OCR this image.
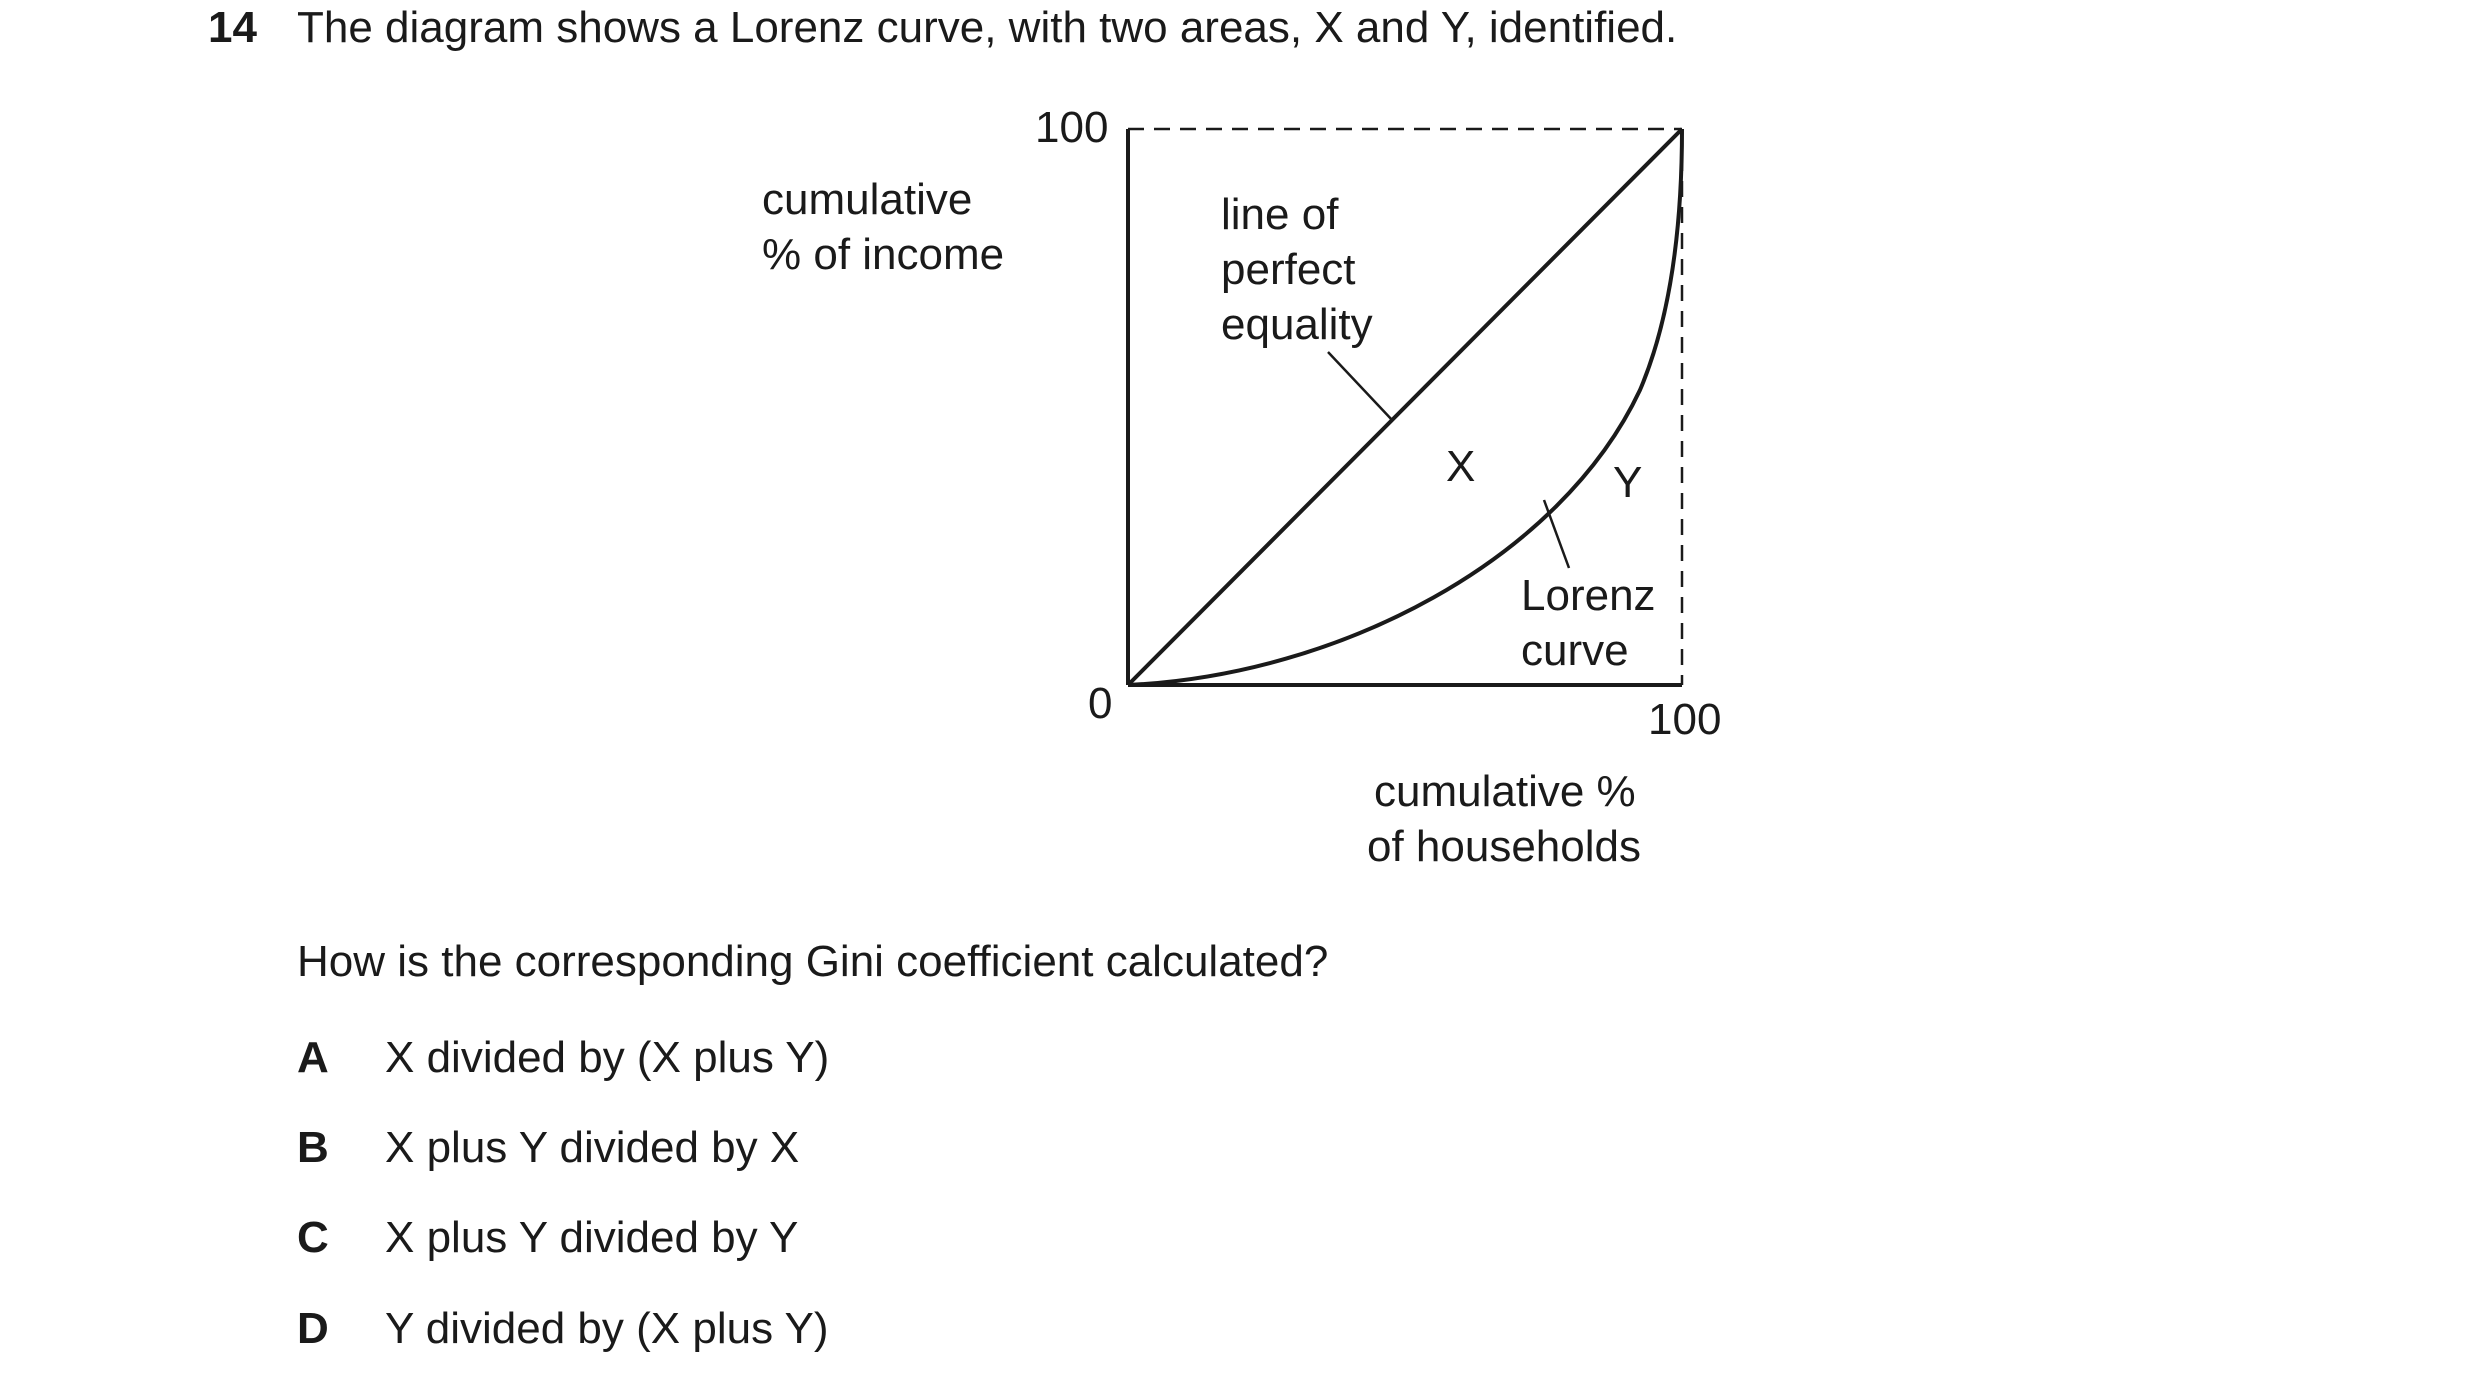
14 The diagram shows a Lorenz curve, with two areas, X and Y, identified.
100
0	100
cumulative
% of income
cumulative %
of households
line of
perfect
equality
X	Y
Lorenz
curve
How is the corresponding Gini coefficient calculated?
A X divided by (X plus Y)
B X plus Y divided by X
C X plus Y divided by Y
D Y divided by (X plus Y)
